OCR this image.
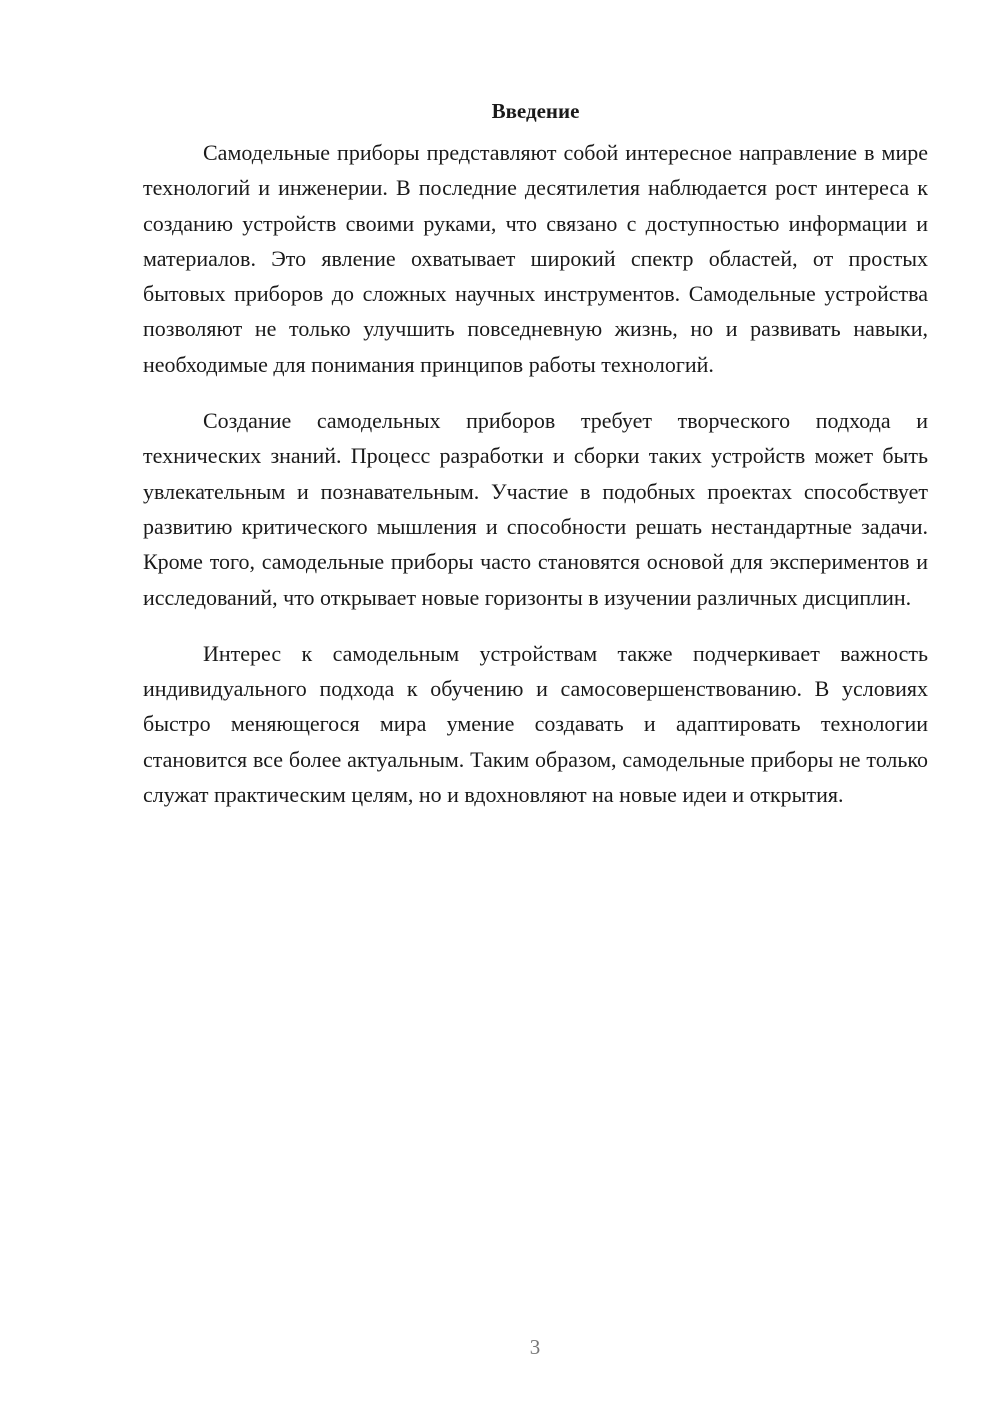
Введение

Самодельные приборы представляют собой интересное направление в мире технологий и инженерии. В последние десятилетия наблюдается рост интереса к созданию устройств своими руками, что связано с доступностью информации и материалов. Это явление охватывает широкий спектр областей, от простых бытовых приборов до сложных научных инструментов. Самодельные устройства позволяют не только улучшить повседневную жизнь, но и развивать навыки, необходимые для понимания принципов работы технологий.

Создание самодельных приборов требует творческого подхода и технических знаний. Процесс разработки и сборки таких устройств может быть увлекательным и познавательным. Участие в подобных проектах способствует развитию критического мышления и способности решать нестандартные задачи. Кроме того, самодельные приборы часто становятся основой для экспериментов и исследований, что открывает новые горизонты в изучении различных дисциплин.

Интерес к самодельным устройствам также подчеркивает важность индивидуального подхода к обучению и самосовершенствованию. В условиях быстро меняющегося мира умение создавать и адаптировать технологии становится все более актуальным. Таким образом, самодельные приборы не только служат практическим целям, но и вдохновляют на новые идеи и открытия.

3
